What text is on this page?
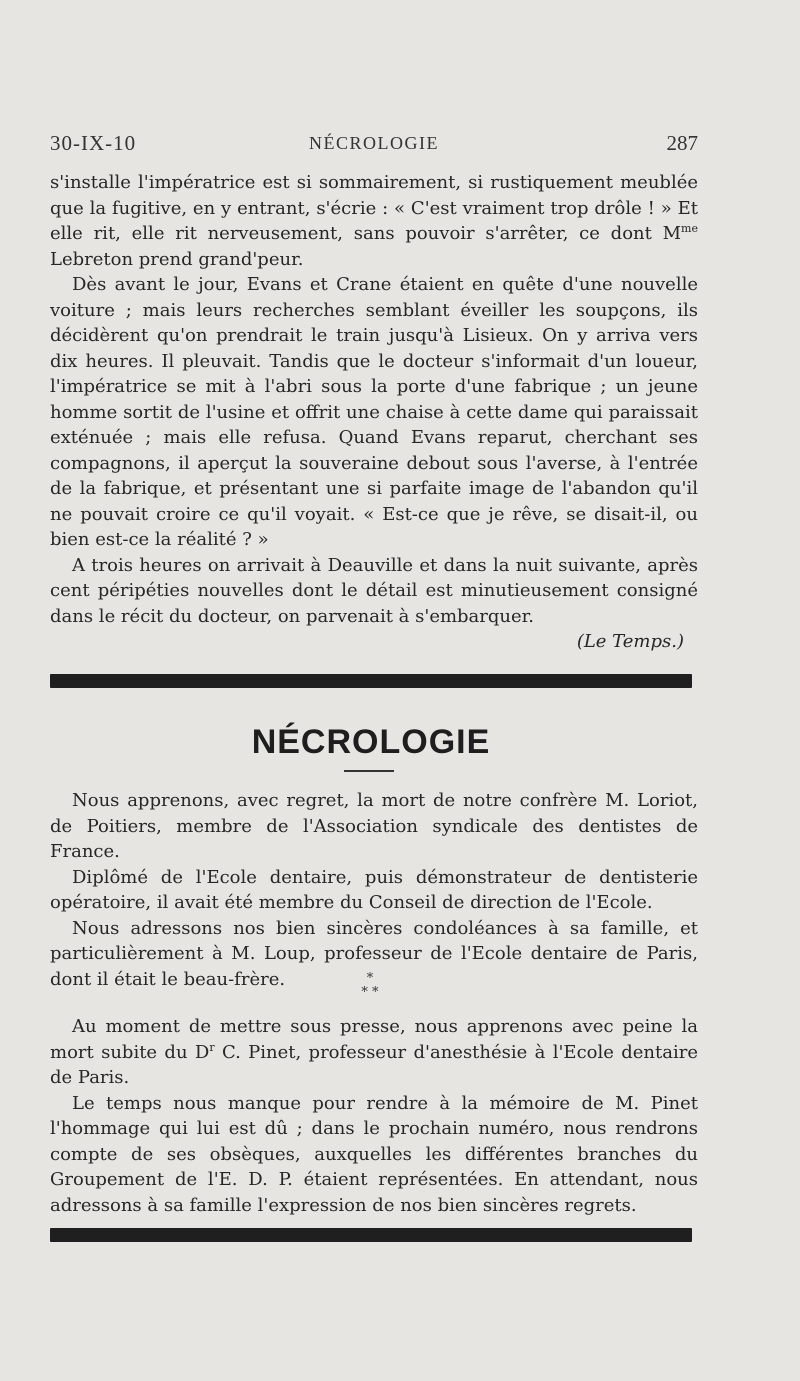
30-IX-10	NÉCROLOGIE	287

s'installe l'impératrice est si sommairement, si rustiquement meublée que la fugitive, en y entrant, s'écrie : « C'est vraiment trop drôle ! » Et elle rit, elle rit nerveusement, sans pouvoir s'arrêter, ce dont $M^{me}$ Lebreton prend grand'peur.

Dès avant le jour, Evans et Crane étaient en quête d'une nouvelle voiture ; mais leurs recherches semblant éveiller les soupçons, ils décidèrent qu'on prendrait le train jusqu'à Lisieux. On y arriva vers dix heures. Il pleuvait. Tandis que le docteur s'informait d'un loueur, l'impératrice se mit à l'abri sous la porte d'une fabrique ; un jeune homme sortit de l'usine et offrit une chaise à cette dame qui paraissait exténuée ; mais elle refusa. Quand Evans reparut, cherchant ses compagnons, il aperçut la souveraine debout sous l'averse, à l'entrée de la fabrique, et présentant une si parfaite image de l'abandon qu'il ne pouvait croire ce qu'il voyait. « Est-ce que je rêve, se disait-il, ou bien est-ce la réalité ? »

A trois heures on arrivait à Deauville et dans la nuit suivante, après cent péripéties nouvelles dont le détail est minutieusement consigné dans le récit du docteur, on parvenait à s'embarquer.

(Le Temps.)

NÉCROLOGIE

Nous apprenons, avec regret, la mort de notre confrère M. Loriot, de Poitiers, membre de l'Association syndicale des dentistes de France.

Diplômé de l'Ecole dentaire, puis démonstrateur de dentisterie opératoire, il avait été membre du Conseil de direction de l'Ecole.

Nous adressons nos bien sincères condoléances à sa famille, et particulièrement à M. Loup, professeur de l'Ecole dentaire de Paris, dont il était le beau-frère.	*
* *

Au moment de mettre sous presse, nous apprenons avec peine la mort subite du $D^r$ C. Pinet, professeur d'anesthésie à l'Ecole dentaire de Paris.

Le temps nous manque pour rendre à la mémoire de M. Pinet l'hommage qui lui est dû ; dans le prochain numéro, nous rendrons compte de ses obsèques, auxquelles les différentes branches du Groupement de l'E. D. P. étaient représentées. En attendant, nous adressons à sa famille l'expression de nos bien sincères regrets.
